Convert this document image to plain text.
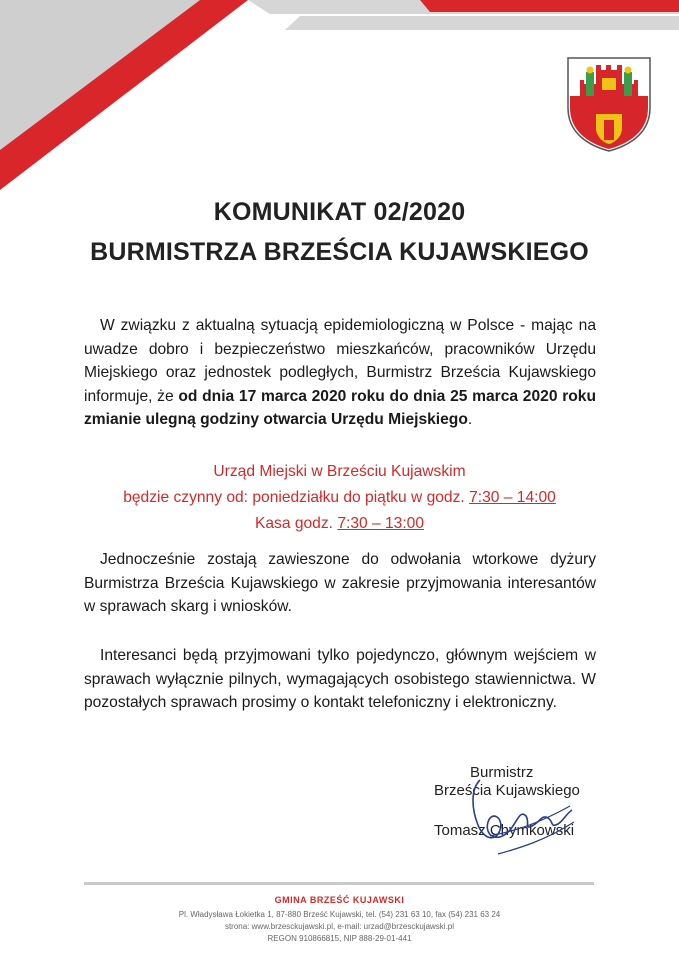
KOMUNIKAT 02/2020
BURMISTRZA BRZEŚCIA KUJAWSKIEGO

W związku z aktualną sytuacją epidemiologiczną w Polsce - mając na uwadze dobro i bezpieczeństwo mieszkańców, pracowników Urzędu Miejskiego oraz jednostek podległych, Burmistrz Brześcia Kujawskiego informuje, że od dnia 17 marca 2020 roku do dnia 25 marca 2020 roku zmianie ulegną godziny otwarcia Urzędu Miejskiego.

Urząd Miejski w Brześciu Kujawskim
będzie czynny od: poniedziałku do piątku w godz. 7:30 – 14:00
Kasa godz. 7:30 – 13:00

Jednocześnie zostają zawieszone do odwołania wtorkowe dyżury Burmistrza Brześcia Kujawskiego w zakresie przyjmowania interesantów w sprawach skarg i wniosków.

Interesanci będą przyjmowani tylko pojedynczo, głównym wejściem w sprawach wyłącznie pilnych, wymagających osobistego stawiennictwa. W pozostałych sprawach prosimy o kontakt telefoniczny i elektroniczny.

Burmistrz
Brześcia Kujawskiego
Tomasz Chymkowski
GMINA BRZEŚĆ KUJAWSKI
Pl. Władysława Łokietka 1, 87-880 Brześć Kujawski, tel. (54) 231 63 10, fax (54) 231 63 24
strona: www.brzesckujawski.pl, e-mail: urzad@brzesckujawski.pl
REGON 910866815, NIP 888-29-01-441
